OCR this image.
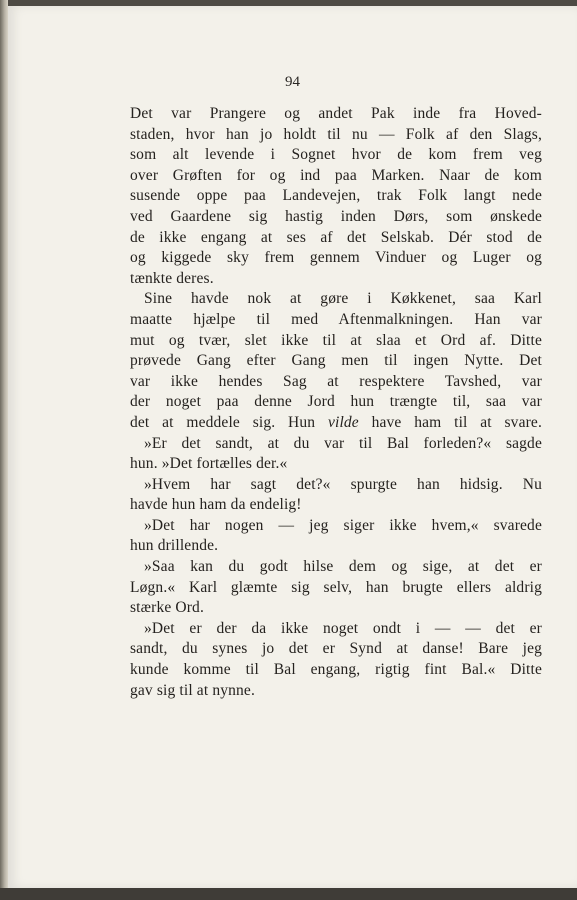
94
Det var Prangere og andet Pak inde fra Hoved-
staden, hvor han jo holdt til nu — Folk af den Slags,
som alt levende i Sognet hvor de kom frem veg
over Grøften for og ind paa Marken. Naar de kom
susende oppe paa Landevejen, trak Folk langt nede
ved Gaardene sig hastig inden Dørs, som ønskede
de ikke engang at ses af det Selskab. Dér stod de
og kiggede sky frem gennem Vinduer og Luger og
tænkte deres.
Sine havde nok at gøre i Køkkenet, saa Karl
maatte hjælpe til med Aftenmalkningen. Han var
mut og tvær, slet ikke til at slaa et Ord af. Ditte
prøvede Gang efter Gang men til ingen Nytte. Det
var ikke hendes Sag at respektere Tavshed, var
der noget paa denne Jord hun trængte til, saa var
det at meddele sig. Hun vilde have ham til at svare.
»Er det sandt, at du var til Bal forleden?« sagde
hun. »Det fortælles der.«
»Hvem har sagt det?« spurgte han hidsig. Nu
havde hun ham da endelig!
»Det har nogen — jeg siger ikke hvem,« svarede
hun drillende.
»Saa kan du godt hilse dem og sige, at det er
Løgn.« Karl glæmte sig selv, han brugte ellers aldrig
stærke Ord.
»Det er der da ikke noget ondt i — — det er
sandt, du synes jo det er Synd at danse! Bare jeg
kunde komme til Bal engang, rigtig fint Bal.« Ditte
gav sig til at nynne.
